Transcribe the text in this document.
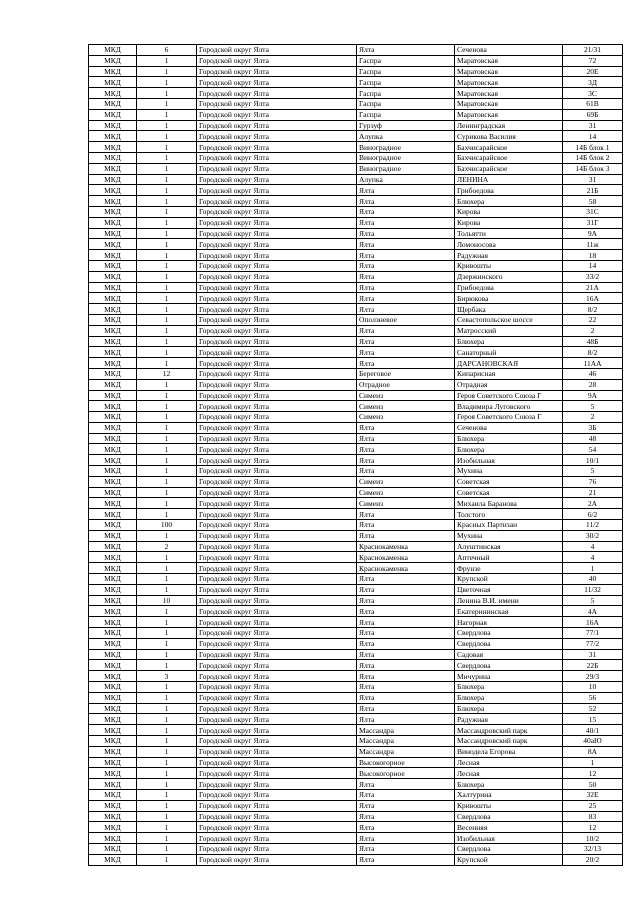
МКД	6	Городской округ Ялта	Ялта	Сеченова	21/31
МКД	1	Городской округ Ялта	Гаспра	Маратовская	72
МКД	1	Городской округ Ялта	Гаспра	Маратовская	20Е
МКД	1	Городской округ Ялта	Гаспра	Маратовская	3Д
МКД	1	Городской округ Ялта	Гаспра	Маратовская	3С
МКД	1	Городской округ Ялта	Гаспра	Маратовская	61В
МКД	1	Городской округ Ялта	Гаспра	Маратовская	69Б
МКД	1	Городской округ Ялта	Гурзуф	Ленинградская	31
МКД	1	Городской округ Ялта	Алупка	Сурикова Василия	14
МКД	1	Городской округ Ялта	Виноградное	Бахчисарайское	14Б блок 1
МКД	1	Городской округ Ялта	Виноградное	Бахчисарайское	14Б блок 2
МКД	1	Городской округ Ялта	Виноградное	Бахчисарайское	14Б блок 3
МКД	1	Городской округ Ялта	Алупка	ЛЕНИНА	31
МКД	1	Городской округ Ялта	Ялта	Грибоедова	21Б
МКД	1	Городской округ Ялта	Ялта	Блюхера	58
МКД	1	Городской округ Ялта	Ялта	Кирова	31С
МКД	1	Городской округ Ялта	Ялта	Кирова	31Г
МКД	1	Городской округ Ялта	Ялта	Тольятти	9А
МКД	1	Городской округ Ялта	Ялта	Ломоносова	11ж
МКД	1	Городской округ Ялта	Ялта	Радужная	18
МКД	1	Городской округ Ялта	Ялта	Кривошты	14
МКД	1	Городской округ Ялта	Ялта	Дзержинского	33/2
МКД	1	Городской округ Ялта	Ялта	Грибоедова	21А
МКД	1	Городской округ Ялта	Ялта	Бирюкова	16А
МКД	1	Городской округ Ялта	Ялта	Щербака	8/2
МКД	1	Городской округ Ялта	Оползневое	Севастопольское шоссе	22
МКД	1	Городской округ Ялта	Ялта	Матросский	2
МКД	1	Городской округ Ялта	Ялта	Блюхера	48Б
МКД	1	Городской округ Ялта	Ялта	Санаторный	8/2
МКД	1	Городской округ Ялта	Ялта	ДАРСАНОВСКАЯ	11АА
МКД	12	Городской округ Ялта	Береговое	Кипарисная	46
МКД	1	Городской округ Ялта	Отрадное	Отрадная	28
МКД	1	Городской округ Ялта	Симеиз	Героя Советского Союза Г	9А
МКД	1	Городской округ Ялта	Симеиз	Владимира Луговского	5
МКД	1	Городской округ Ялта	Симеиз	Героя Советского Союза Г	2
МКД	1	Городской округ Ялта	Ялта	Сеченова	3Б
МКД	1	Городской округ Ялта	Ялта	Блюхера	48
МКД	1	Городской округ Ялта	Ялта	Блюхера	54
МКД	1	Городской округ Ялта	Ялта	Изобильная	10/1
МКД	1	Городской округ Ялта	Ялта	Мухина	5
МКД	1	Городской округ Ялта	Симеиз	Советская	76
МКД	1	Городской округ Ялта	Симеиз	Советская	21
МКД	1	Городской округ Ялта	Симеиз	Михаила Баранова	2А
МКД	1	Городской округ Ялта	Ялта	Толстого	6/2
МКД	100	Городской округ Ялта	Ялта	Красных Партизан	11/2
МКД	1	Городской округ Ялта	Ялта	Мухина	30/2
МКД	2	Городской округ Ялта	Краснокаменка	Алуштинская	4
МКД	1	Городской округ Ялта	Краснокаменка	Аптечный	4
МКД	1	Городской округ Ялта	Краснокаменка	Фрунзе	1
МКД	1	Городской округ Ялта	Ялта	Крупской	40
МКД	1	Городской округ Ялта	Ялта	Цветочная	11/32
МКД	10	Городской округ Ялта	Ялта	Ленина В.И. имени	5
МКД	1	Городской округ Ялта	Ялта	Екатерининская	4А
МКД	1	Городской округ Ялта	Ялта	Нагорная	16А
МКД	1	Городской округ Ялта	Ялта	Свердлова	77/1
МКД	1	Городской округ Ялта	Ялта	Свердлова	77/2
МКД	1	Городской округ Ялта	Ялта	Садовая	31
МКД	1	Городской округ Ялта	Ялта	Свердлова	22Б
МКД	3	Городской округ Ялта	Ялта	Мичурина	29/3
МКД	1	Городской округ Ялта	Ялта	Блюхера	10
МКД	1	Городской округ Ялта	Ялта	Блюхера	56
МКД	1	Городской округ Ялта	Ялта	Блюхера	52
МКД	1	Городской округ Ялта	Ялта	Радужная	15
МКД	1	Городской округ Ялта	Массандра	Массандровский парк	40/1
МКД	1	Городской округ Ялта	Массандра	Массандровский парк	40аЮ
МКД	1	Городской округ Ялта	Массандра	Винодела Егорова	8А
МКД	1	Городской округ Ялта	Высокогорное	Лесная	1
МКД	1	Городской округ Ялта	Высокогорное	Лесная	12
МКД	1	Городской округ Ялта	Ялта	Блюхера	50
МКД	1	Городской округ Ялта	Ялта	Халтурина	32Е
МКД	1	Городской округ Ялта	Ялта	Кривошты	25
МКД	1	Городской округ Ялта	Ялта	Свердлова	83
МКД	1	Городской округ Ялта	Ялта	Весенняя	12
МКД	1	Городской округ Ялта	Ялта	Изобильная	10/2
МКД	1	Городской округ Ялта	Ялта	Свердлова	32/13
МКД	1	Городской округ Ялта	Ялта	Крупской	20/2
